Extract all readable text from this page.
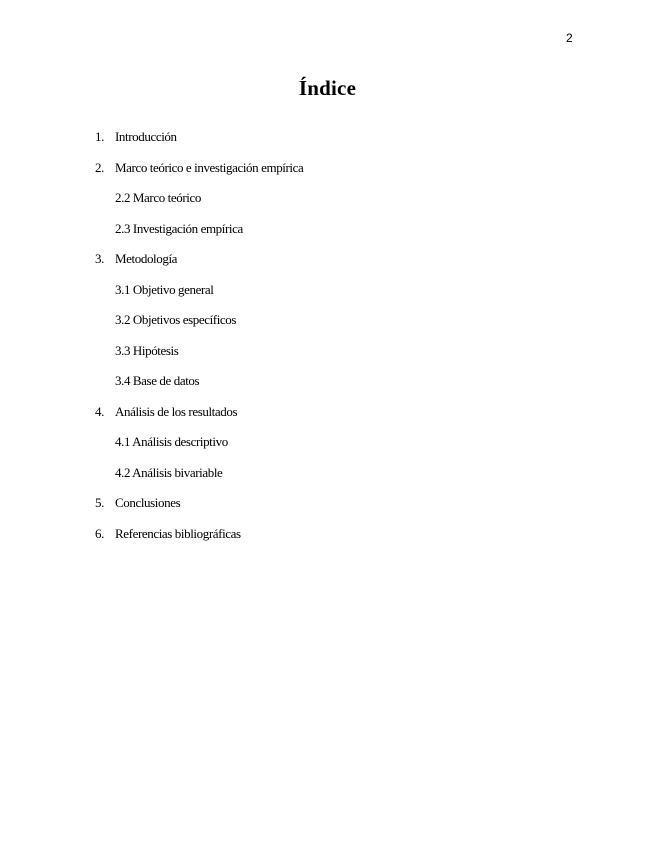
2
Índice
1. Introducción
2. Marco teórico e investigación empírica
2.2 Marco teórico
2.3 Investigación empírica
3. Metodología
3.1 Objetivo general
3.2 Objetivos específicos
3.3 Hipótesis
3.4 Base de datos
4. Análisis de los resultados
4.1 Análisis descriptivo
4.2 Análisis bivariable
5. Conclusiones
6. Referencias bibliográficas
